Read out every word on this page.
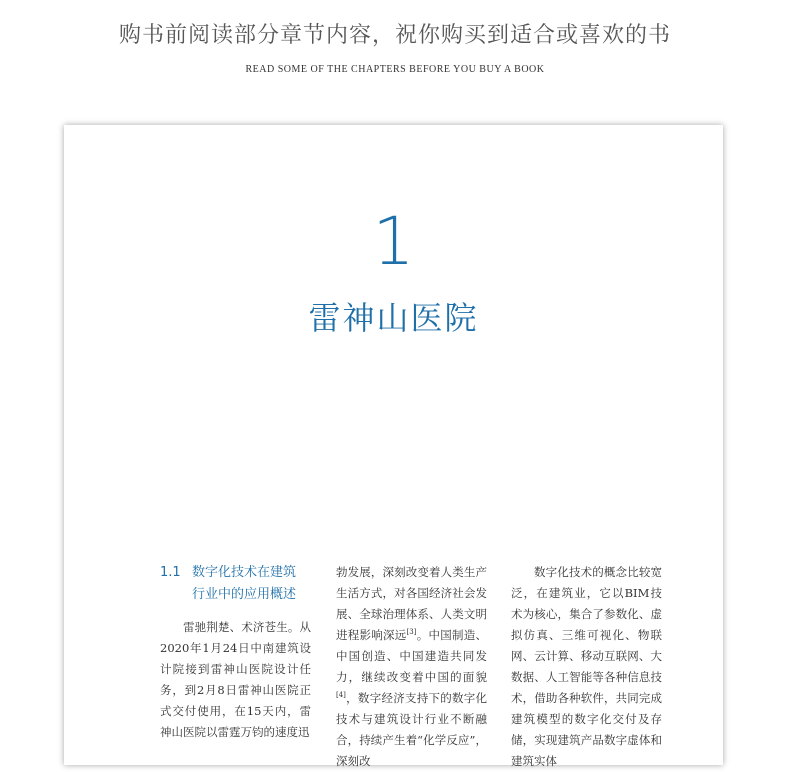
购书前阅读部分章节内容，祝你购买到适合或喜欢的书
READ SOME OF THE CHAPTERS BEFORE YOU BUY A BOOK
1
雷神山医院
1.1 数字化技术在建筑
行业中的应用概述

雷驰荆楚、术济苍生。从2020年1月24日中南建筑设计院接到雷神山医院设计任务，到2月8日雷神山医院正式交付使用，在15天内，雷神山医院以雷霆万钧的速度迅

勃发展，深刻改变着人类生产生活方式，对各国经济社会发展、全球治理体系、人类文明进程影响深远[3]。中国制造、中国创造、中国建造共同发力，继续改变着中国的面貌[4]，数字经济支持下的数字化技术与建筑设计行业不断融合，持续产生着“化学反应”，深刻改

数字化技术的概念比较宽泛，在建筑业，它以BIM技术为核心，集合了参数化、虚拟仿真、三维可视化、物联网、云计算、移动互联网、大数据、人工智能等各种信息技术，借助各种软件，共同完成建筑模型的数字化交付及存储，实现建筑产品数字虚体和建筑实体
